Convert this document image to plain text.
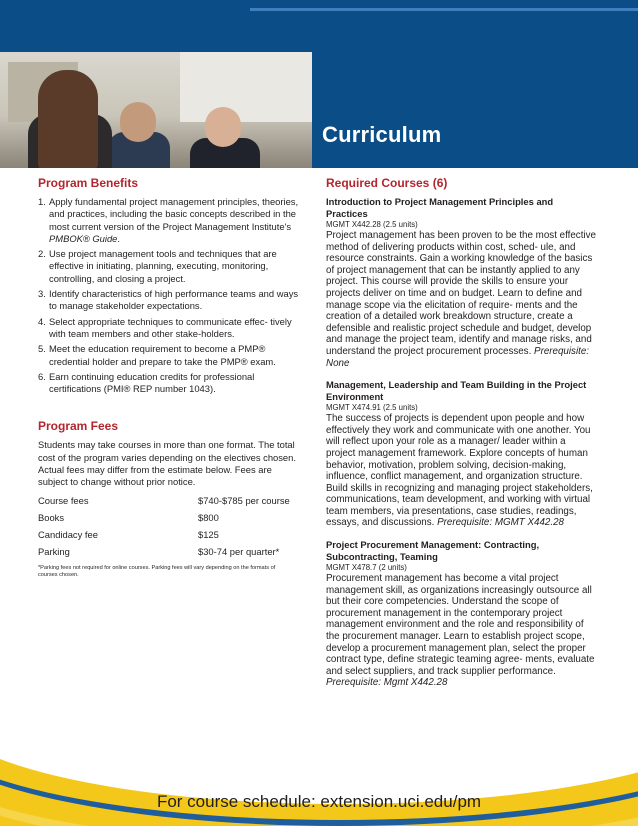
Curriculum
Program Benefits
1. Apply fundamental project management principles, theories, and practices, including the basic concepts described in the most current version of the Project Management Institute's PMBOK® Guide.
2. Use project management tools and techniques that are effective in initiating, planning, executing, monitoring, controlling, and closing a project.
3. Identify characteristics of high performance teams and ways to manage stakeholder expectations.
4. Select appropriate techniques to communicate effec- tively with team members and other stake-holders.
5. Meet the education requirement to become a PMP® credential holder and prepare to take the PMP® exam.
6. Earn continuing education credits for professional certifications (PMI® REP number 1043).
Program Fees

Students may take courses in more than one format. The total cost of the program varies depending on the electives chosen. Actual fees may differ from the estimate below. Fees are subject to change without prior notice.

Course fees	$740-$785 per course
Books	$800
Candidacy fee	$125
Parking	$30-74 per quarter*
*Parking fees not required for online courses. Parking fees will vary depending on the formats of courses chosen.
Required Courses (6)

Introduction to Project Management Principles and Practices

MGMT X442.28 (2.5 units)

Project management has been proven to be the most effective method of delivering products within cost, sched- ule, and resource constraints. Gain a working knowledge of the basics of project management that can be instantly applied to any project. This course will provide the skills to ensure your projects deliver on time and on budget. Learn to define and manage scope via the elicitation of require- ments and the creation of a detailed work breakdown structure, create a defensible and realistic project schedule and budget, develop and manage the project team, identify and manage risks, and understand the project procurement processes. Prerequisite: None

Management, Leadership and Team Building in the Project Environment

MGMT X474.91 (2.5 units)

The success of projects is dependent upon people and how effectively they work and communicate with one another. You will reflect upon your role as a manager/ leader within a project management framework. Explore concepts of human behavior, motivation, problem solving, decision-making, influence, conflict management, and organization structure. Build skills in recognizing and managing project stakeholders, communications, team development, and working with virtual team members, via presentations, case studies, readings, essays, and discussions. Prerequisite: MGMT X442.28

Project Procurement Management: Contracting, Subcontracting, Teaming

MGMT X478.7 (2 units)

Procurement management has become a vital project management skill, as organizations increasingly outsource all but their core competencies. Understand the scope of procurement management in the contemporary project management environment and the role and responsibility of the procurement manager. Learn to establish project scope, develop a procurement management plan, select the proper contract type, define strategic teaming agree- ments, evaluate and select suppliers, and track supplier performance. Prerequisite: Mgmt X442.28

For course schedule: extension.uci.edu/pm
